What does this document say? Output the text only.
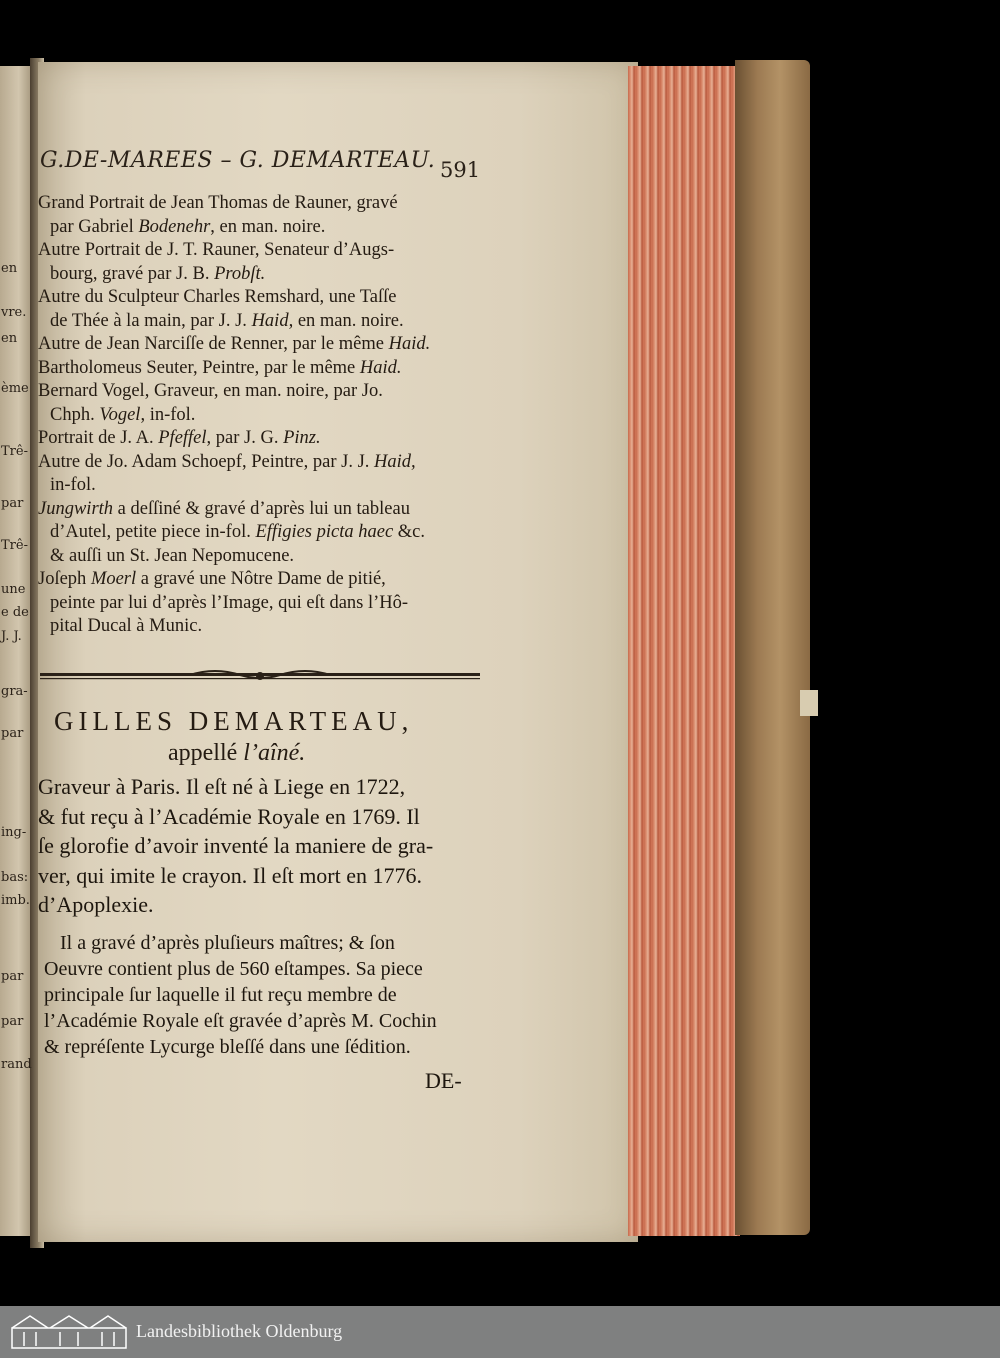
en
vre.
en
ème
Trê-
par
Trê-
une
e de
J. J.
gra-
par
ing-
bas:
imb.
par
par
rand
G.DE-MAREES – G. DEMARTEAU. 591
Grand Portrait de Jean Thomas de Rauner, gravé
par Gabriel Bodenehr, en man. noire.
Autre Portrait de J. T. Rauner, Senateur d’Augs-
bourg, gravé par J. B. Probſt.
Autre du Sculpteur Charles Remshard, une Taſſe
de Thée à la main, par J. J. Haid, en man. noire.
Autre de Jean Narciſſe de Renner, par le même Haid.
Bartholomeus Seuter, Peintre, par le même Haid.
Bernard Vogel, Graveur, en man. noire, par Jo.
Chph. Vogel, in-fol.
Portrait de J. A. Pfeffel, par J. G. Pinz.
Autre de Jo. Adam Schoepf, Peintre, par J. J. Haid,
in-fol.
Jungwirth a deſſiné & gravé d’après lui un tableau
d’Autel, petite piece in-fol. Effigies picta haec &c.
& auſſi un St. Jean Nepomucene.
Joſeph Moerl a gravé une Nôtre Dame de pitié,
peinte par lui d’après l’Image, qui eſt dans l’Hô-
pital Ducal à Munic.
GILLES DEMARTEAU,
appellé l’aîné.
Graveur à Paris. Il eſt né à Liege en 1722,
& fut reçu à l’Académie Royale en 1769. Il
ſe glorofie d’avoir inventé la maniere de gra-
ver, qui imite le crayon. Il eſt mort en 1776.
d’Apoplexie.
Il a gravé d’après pluſieurs maîtres; & ſon
Oeuvre contient plus de 560 eſtampes. Sa piece
principale ſur laquelle il fut reçu membre de
l’Académie Royale eſt gravée d’après M. Cochin
& repréſente Lycurge bleſſé dans une ſédition.
DE-
Landesbibliothek Oldenburg
